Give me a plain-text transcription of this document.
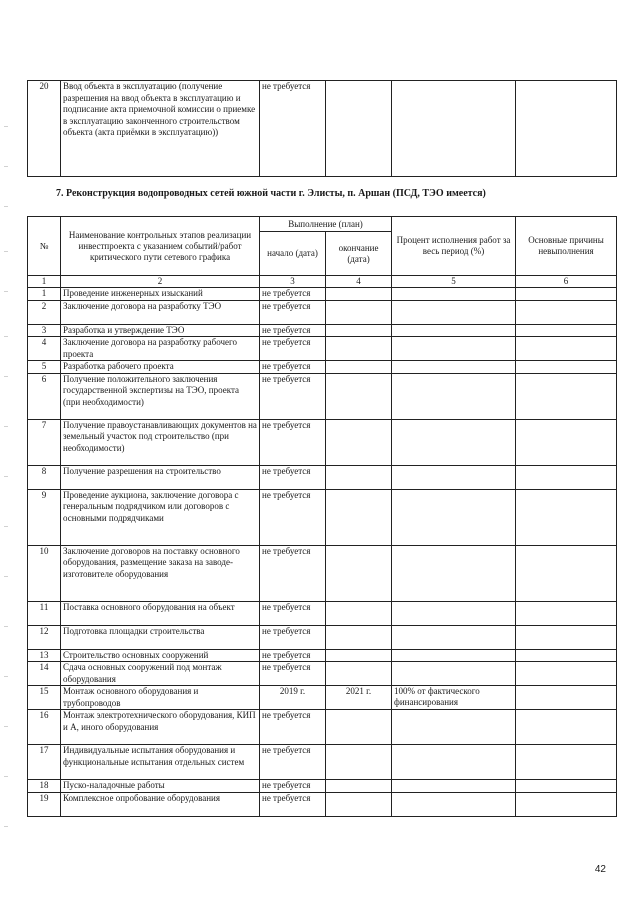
..
..
..
..
..
..
..
..
..
..
..
..
..
..
..
..
20	Ввод объекта в эксплуатацию (получение разрешения на ввод объекта в эксплуатацию и подписание акта приемочной комиссии о приемке в эксплуатацию законченного строительством объекта (акта приёмки в эксплуатацию))	не требуется			
7. Реконструкция водопроводных сетей южной части г. Элисты, п. Аршан (ПСД, ТЭО имеется)
№	Наименование контрольных этапов реализации инвестпроекта с указанием событий/работ критического пути сетевого графика	Выполнение (план)		Процент исполнения работ за весь период (%)	Основные причины невыполнения
		начало (дата)	окончание (дата)		
1	2	3	4	5	6
1	Проведение инженерных изысканий	не требуется			
2	Заключение договора на разработку ТЭО	не требуется			
3	Разработка и утверждение ТЭО	не требуется			
4	Заключение договора на разработку рабочего проекта	не требуется			
5	Разработка рабочего проекта	не требуется			
6	Получение положительного заключения государственной экспертизы на ТЭО, проекта (при необходимости)	не требуется			
7	Получение правоустанавливающих документов на земельный участок под строительство (при необходимости)	не требуется			
8	Получение разрешения на строительство	не требуется			
9	Проведение аукциона, заключение договора с генеральным подрядчиком или договоров с основными подрядчиками	не требуется			
10	Заключение договоров на поставку основного оборудования, размещение заказа на заводе-изготовителе оборудования	не требуется			
11	Поставка основного оборудования на объект	не требуется			
12	Подготовка площадки строительства	не требуется			
13	Строительство основных сооружений	не требуется			
14	Сдача основных сооружений под монтаж оборудования	не требуется			
15	Монтаж основного оборудования и трубопроводов	2019 г.	2021 г.	100% от фактического финансирования	
16	Монтаж электротехнического оборудования, КИП и А, иного оборудования	не требуется			
17	Индивидуальные испытания оборудования и функциональные испытания отдельных систем	не требуется			
18	Пуско-наладочные работы	не требуется			
19	Комплексное опробование оборудования	не требуется			
42
